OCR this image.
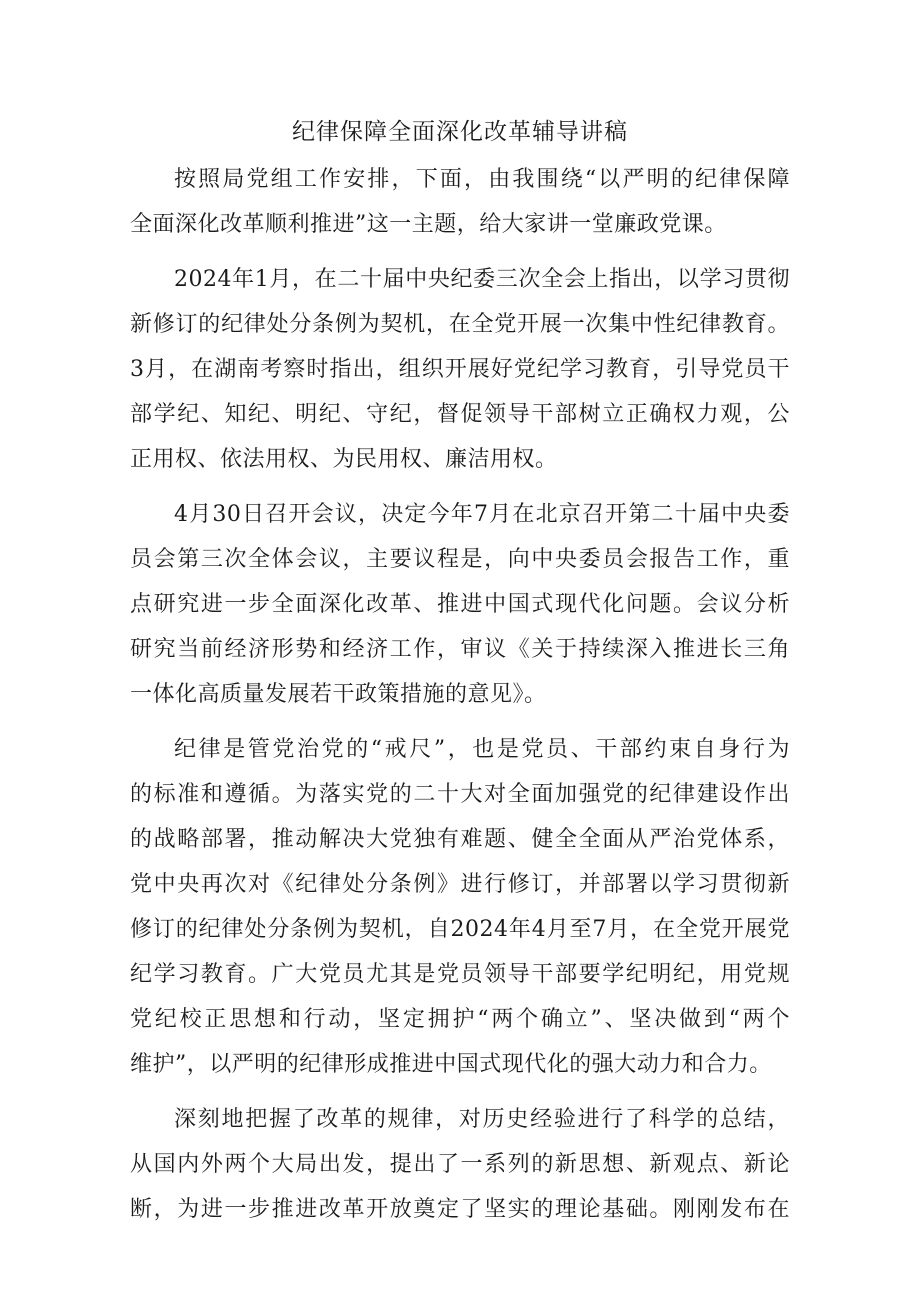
纪律保障全面深化改革辅导讲稿
按照局党组工作安排，下面，由我围绕“以严明的纪律保障
全面深化改革顺利推进”这一主题，给大家讲一堂廉政党课。
2024年1月，在二十届中央纪委三次全会上指出，以学习贯彻
新修订的纪律处分条例为契机，在全党开展一次集中性纪律教育。
3月，在湖南考察时指出，组织开展好党纪学习教育，引导党员干
部学纪、知纪、明纪、守纪，督促领导干部树立正确权力观，公
正用权、依法用权、为民用权、廉洁用权。
4月30日召开会议，决定今年7月在北京召开第二十届中央委
员会第三次全体会议，主要议程是，向中央委员会报告工作，重
点研究进一步全面深化改革、推进中国式现代化问题。会议分析
研究当前经济形势和经济工作，审议《关于持续深入推进长三角
一体化高质量发展若干政策措施的意见》。
纪律是管党治党的“戒尺”，也是党员、干部约束自身行为
的标准和遵循。为落实党的二十大对全面加强党的纪律建设作出
的战略部署，推动解决大党独有难题、健全全面从严治党体系，
党中央再次对《纪律处分条例》进行修订，并部署以学习贯彻新
修订的纪律处分条例为契机，自2024年4月至7月，在全党开展党
纪学习教育。广大党员尤其是党员领导干部要学纪明纪，用党规
党纪校正思想和行动，坚定拥护“两个确立”、坚决做到“两个
维护”，以严明的纪律形成推进中国式现代化的强大动力和合力。
深刻地把握了改革的规律，对历史经验进行了科学的总结，
从国内外两个大局出发，提出了一系列的新思想、新观点、新论
断，为进一步推进改革开放奠定了坚实的理论基础。刚刚发布在
